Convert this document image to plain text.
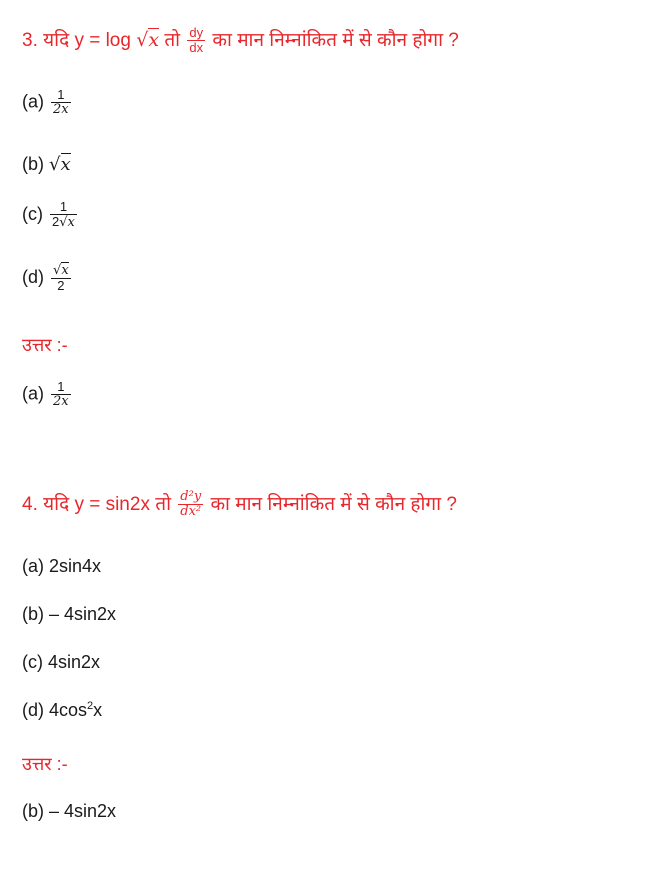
3. यदि y = log √x तो $\frac{dy}{dx}$ का मान निम्नांकित में से कौन होगा ?
$(a) \frac{1}{2x}$
(b) √x
$(c) \frac{1}{2√x}$
$(d) \frac{√x}{2}$
उत्तर :-
$(a) \frac{1}{2x}$
4. यदि y = sin2x तो $\frac{\text{d²y}}{\text{dx²}}$ का मान निम्नांकित में से कौन होगा ?
(a) 2sin4x
(b) – 4sin2x
(c) 4sin2x
(d) $4\cos^2x$
उत्तर :-
(b) – 4sin2x
